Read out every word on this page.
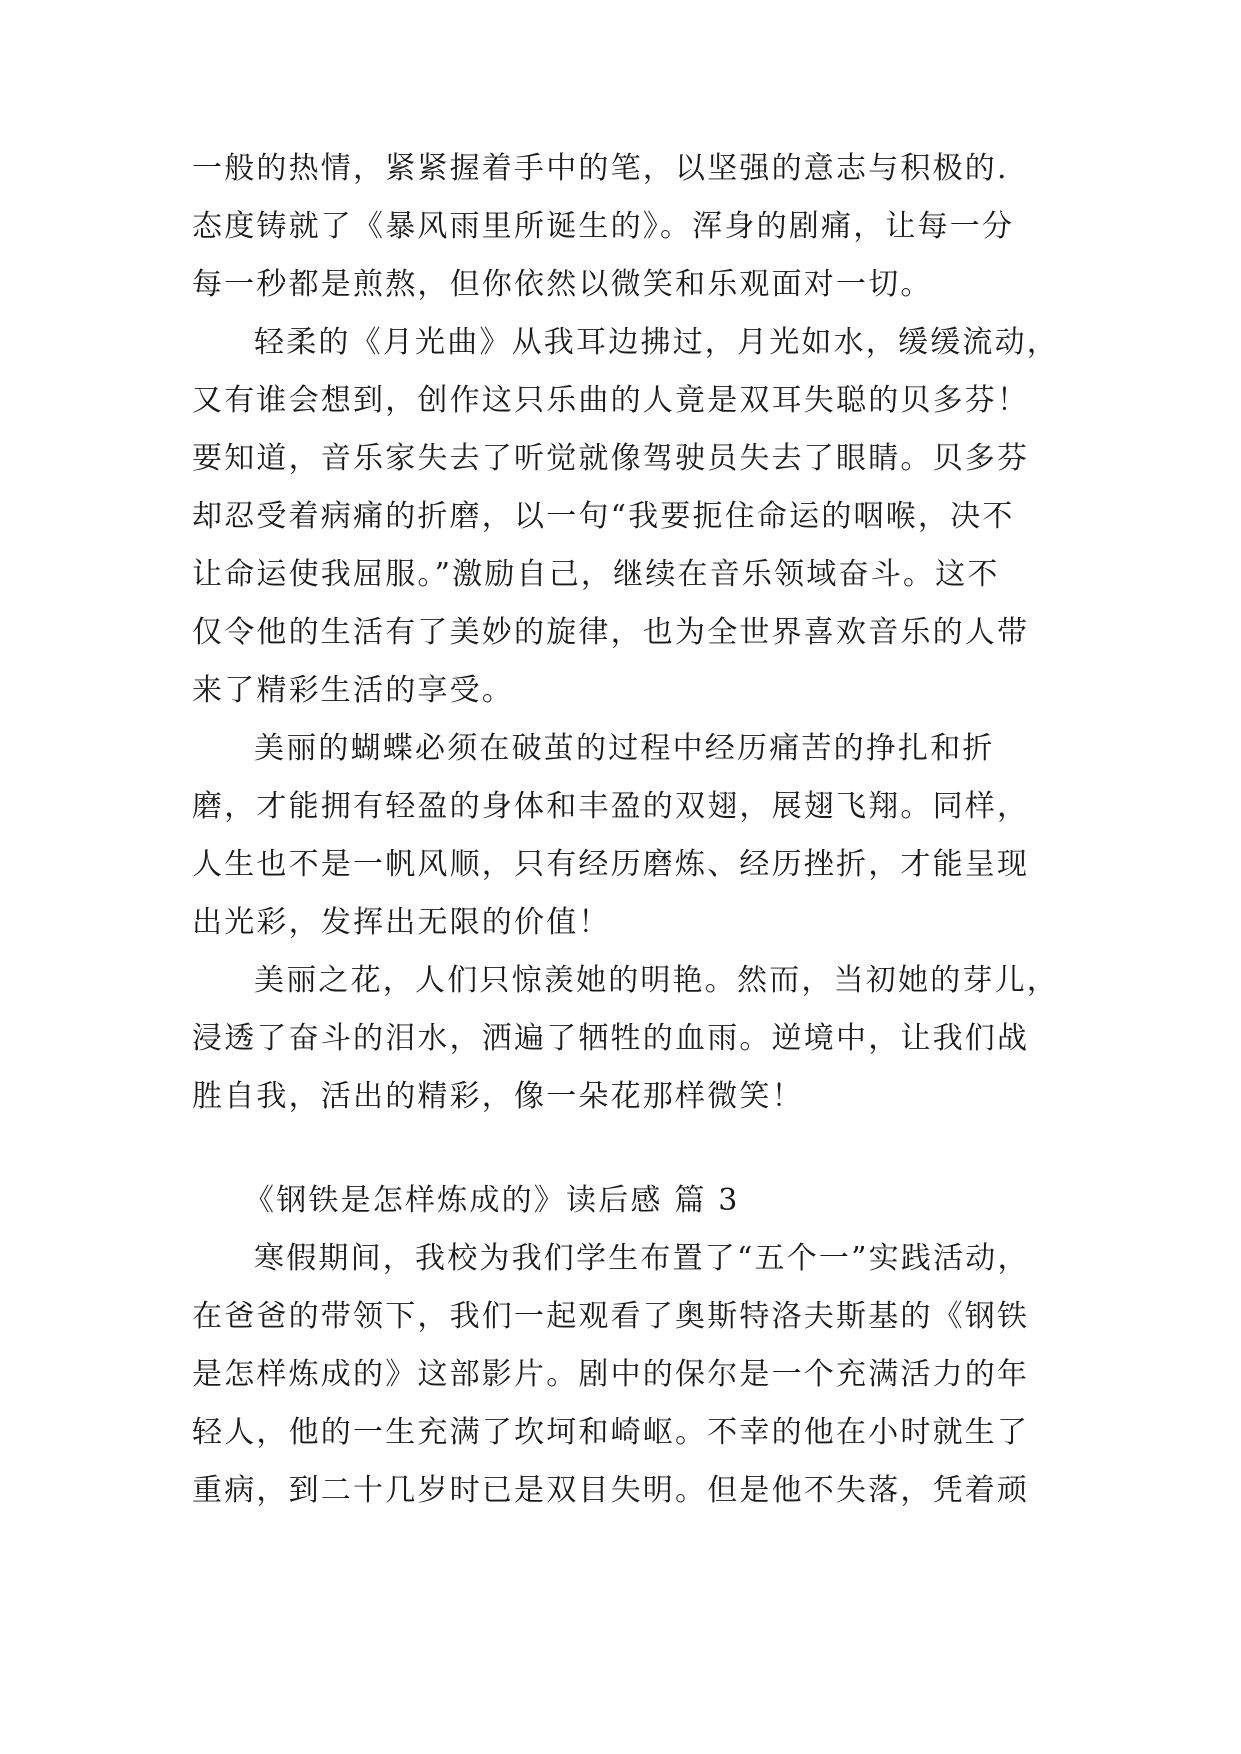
一般的热情，紧紧握着手中的笔，以坚强的意志与积极的.
态度铸就了《暴风雨里所诞生的》。浑身的剧痛，让每一分
每一秒都是煎熬，但你依然以微笑和乐观面对一切。
轻柔的《月光曲》从我耳边拂过，月光如水，缓缓流动，
又有谁会想到，创作这只乐曲的人竟是双耳失聪的贝多芬！
要知道，音乐家失去了听觉就像驾驶员失去了眼睛。贝多芬
却忍受着病痛的折磨，以一句“我要扼住命运的咽喉，决不
让命运使我屈服。”激励自己，继续在音乐领域奋斗。这不
仅令他的生活有了美妙的旋律，也为全世界喜欢音乐的人带
来了精彩生活的享受。
美丽的蝴蝶必须在破茧的过程中经历痛苦的挣扎和折
磨，才能拥有轻盈的身体和丰盈的双翅，展翅飞翔。同样，
人生也不是一帆风顺，只有经历磨炼、经历挫折，才能呈现
出光彩，发挥出无限的价值！
美丽之花，人们只惊羡她的明艳。然而，当初她的芽儿，
浸透了奋斗的泪水，洒遍了牺牲的血雨。逆境中，让我们战
胜自我，活出的精彩，像一朵花那样微笑！
《钢铁是怎样炼成的》读后感 篇 3
寒假期间，我校为我们学生布置了“五个一”实践活动，
在爸爸的带领下，我们一起观看了奥斯特洛夫斯基的《钢铁
是怎样炼成的》这部影片。剧中的保尔是一个充满活力的年
轻人，他的一生充满了坎坷和崎岖。不幸的他在小时就生了
重病，到二十几岁时已是双目失明。但是他不失落，凭着顽
